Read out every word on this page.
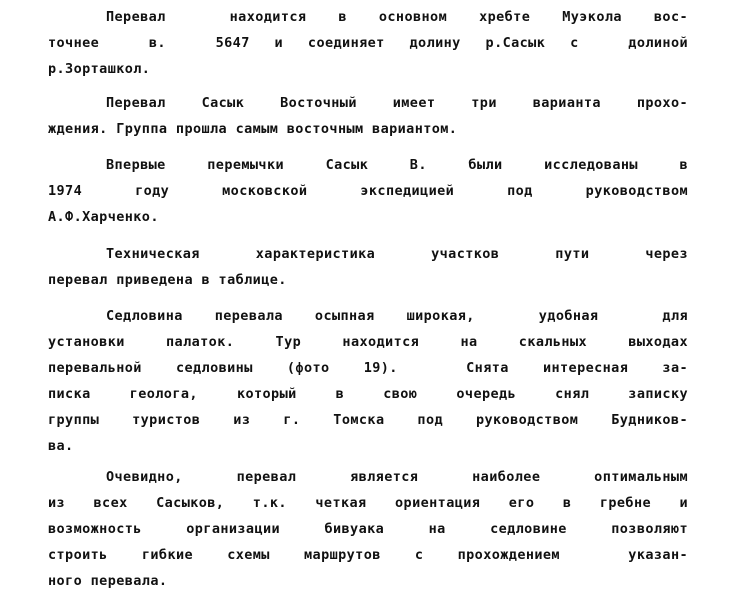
Перевал  находится в основном хребте Муэкола вос-
точнее  в.  5647 и соединяет долину р.Сасык с  долиной
р.Зорташкол.
Перевал Сасык Восточный имеет три варианта прохо-
ждения. Группа прошла самым восточным вариантом.
Впервые перемычки Сасык В. были исследованы в
1974 году московской экспедицией под руководством
А.Ф.Харченко.
Техническая характеристика участков пути через
перевал приведена в таблице.
Седловина перевала осыпная широкая,  удобная  для
установки палаток. Тур находится на скальных выходах
перевальной седловины (фото 19).  Снята интересная за-
писка геолога, который в свою очередь снял записку
группы туристов из г. Томска под руководством Будников-
ва.
Очевидно, перевал является наиболее оптимальным
из всех Сасыков, т.к. четкая ориентация его в гребне и
возможность организации бивуака на седловине позволяют
строить гибкие схемы маршрутов с прохождением  указан-
ного перевала.
